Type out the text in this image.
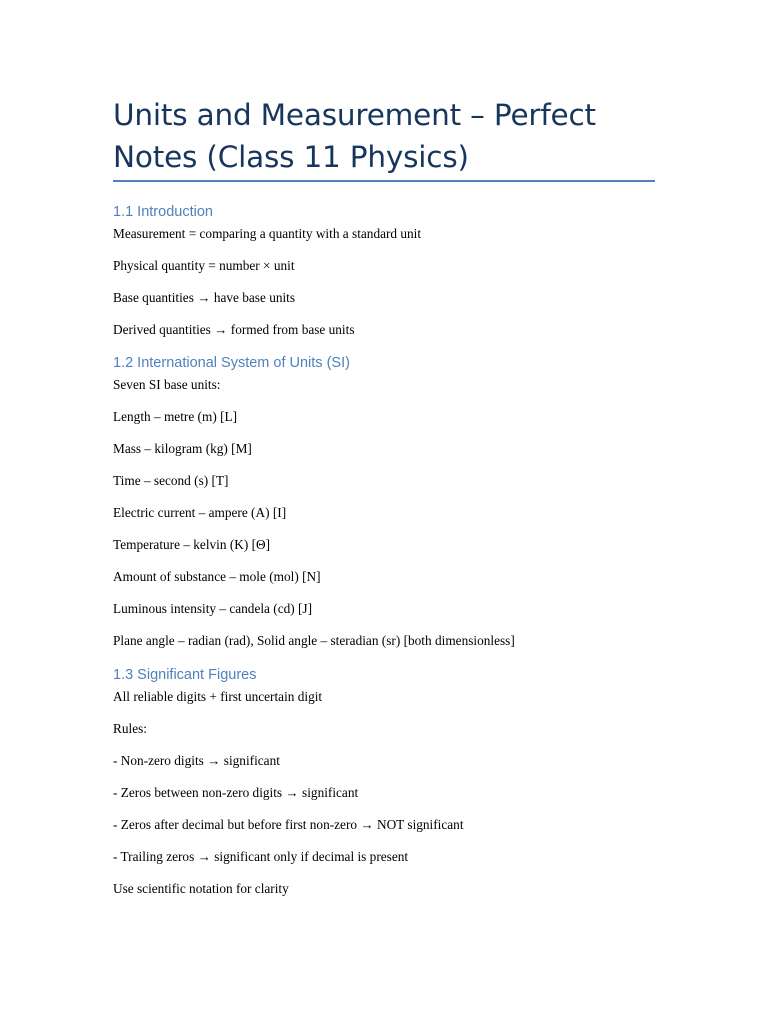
Units and Measurement – Perfect Notes (Class 11 Physics)
1.1 Introduction

Measurement = comparing a quantity with a standard unit

Physical quantity = number × unit

Base quantities → have base units

Derived quantities → formed from base units

1.2 International System of Units (SI)

Seven SI base units:

Length – metre (m) [L]

Mass – kilogram (kg) [M]

Time – second (s) [T]

Electric current – ampere (A) [I]

Temperature – kelvin (K) [Θ]

Amount of substance – mole (mol) [N]

Luminous intensity – candela (cd) [J]

Plane angle – radian (rad), Solid angle – steradian (sr) [both dimensionless]

1.3 Significant Figures

All reliable digits + first uncertain digit

Rules:

- Non-zero digits → significant

- Zeros between non-zero digits → significant

- Zeros after decimal but before first non-zero → NOT significant

- Trailing zeros → significant only if decimal is present

Use scientific notation for clarity
